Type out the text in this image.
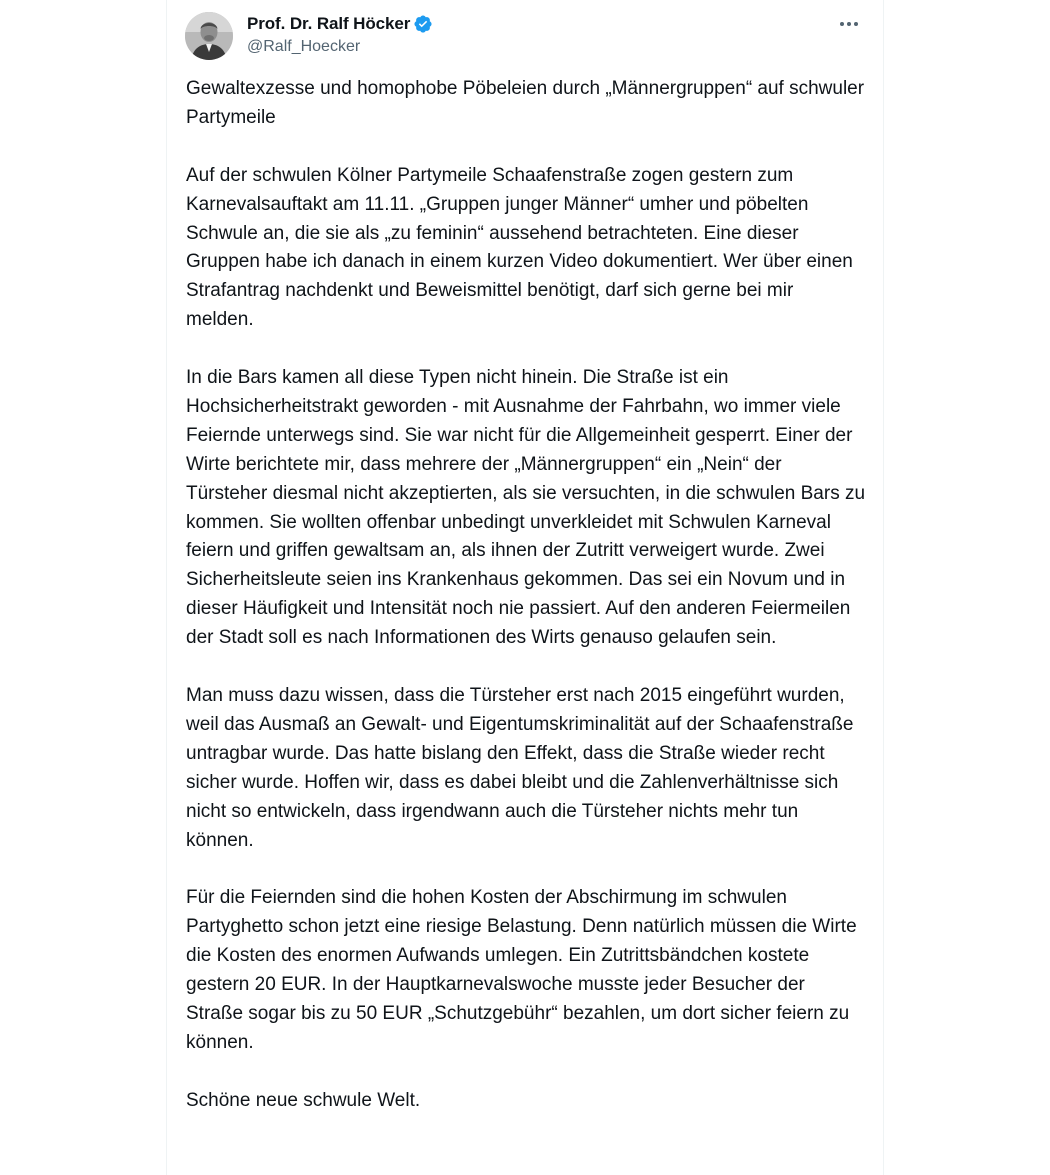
Prof. Dr. Ralf Höcker
@Ralf_Hoecker

Gewaltexzesse und homophobe Pöbeleien durch „Männergruppen“ auf schwuler Partymeile

Auf der schwulen Kölner Partymeile Schaafenstraße zogen gestern zum Karnevalsauftakt am 11.11. „Gruppen junger Männer“ umher und pöbelten Schwule an, die sie als „zu feminin“ aussehend betrachteten. Eine dieser Gruppen habe ich danach in einem kurzen Video dokumentiert. Wer über einen Strafantrag nachdenkt und Beweismittel benötigt, darf sich gerne bei mir melden.

In die Bars kamen all diese Typen nicht hinein. Die Straße ist ein Hochsicherheitstrakt geworden - mit Ausnahme der Fahrbahn, wo immer viele Feiernde unterwegs sind. Sie war nicht für die Allgemeinheit gesperrt. Einer der Wirte berichtete mir, dass mehrere der „Männergruppen“ ein „Nein“ der Türsteher diesmal nicht akzeptierten, als sie versuchten, in die schwulen Bars zu kommen. Sie wollten offenbar unbedingt unverkleidet mit Schwulen Karneval feiern und griffen gewaltsam an, als ihnen der Zutritt verweigert wurde. Zwei Sicherheitsleute seien ins Krankenhaus gekommen. Das sei ein Novum und in dieser Häufigkeit und Intensität noch nie passiert. Auf den anderen Feiermeilen der Stadt soll es nach Informationen des Wirts genauso gelaufen sein.

Man muss dazu wissen, dass die Türsteher erst nach 2015 eingeführt wurden, weil das Ausmaß an Gewalt- und Eigentumskriminalität auf der Schaafenstraße untragbar wurde. Das hatte bislang den Effekt, dass die Straße wieder recht sicher wurde. Hoffen wir, dass es dabei bleibt und die Zahlenverhältnisse sich nicht so entwickeln, dass irgendwann auch die Türsteher nichts mehr tun können.

Für die Feiernden sind die hohen Kosten der Abschirmung im schwulen Partyghetto schon jetzt eine riesige Belastung. Denn natürlich müssen die Wirte die Kosten des enormen Aufwands umlegen. Ein Zutrittsbändchen kostete gestern 20 EUR. In der Hauptkarnevalswoche musste jeder Besucher der Straße sogar bis zu 50 EUR „Schutzgebühr“ bezahlen, um dort sicher feiern zu können.

Schöne neue schwule Welt.
